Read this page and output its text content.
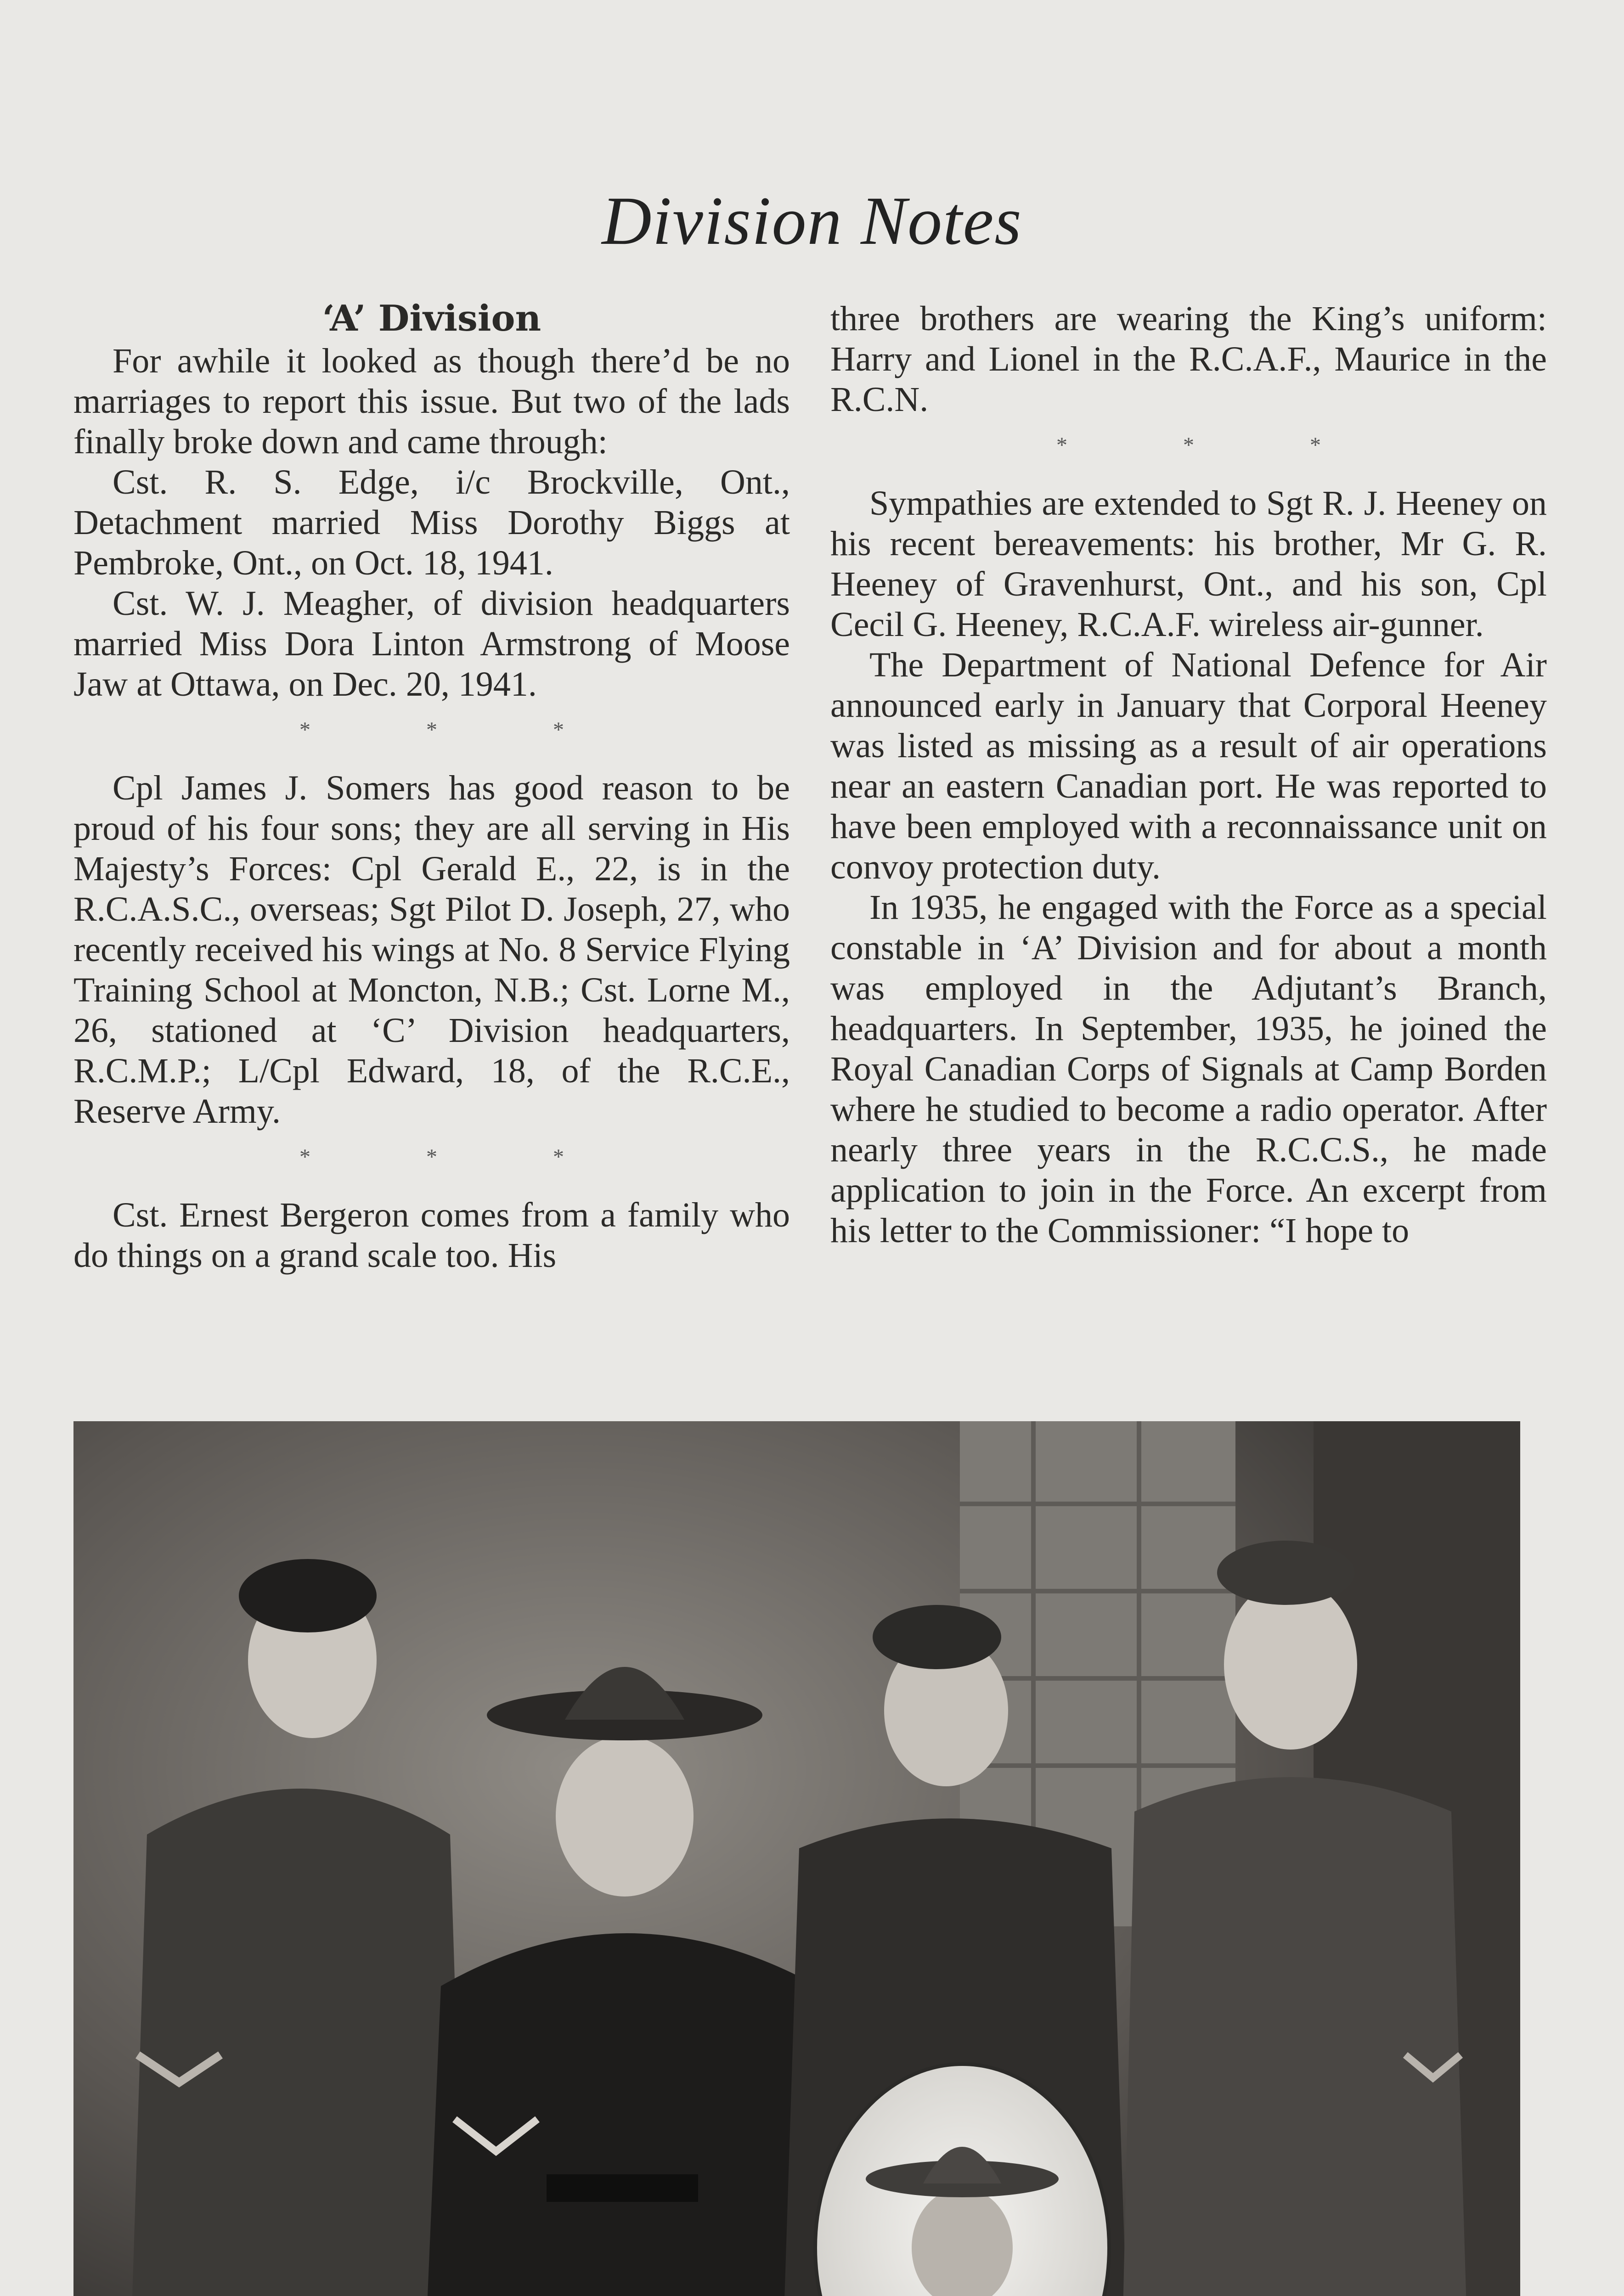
Division Notes
‘A’ Division

For awhile it looked as though there’d be no marriages to report this issue. But two of the lads finally broke down and came through:

Cst. R. S. Edge, i/c Brockville, Ont., Detachment married Miss Dorothy Biggs at Pembroke, Ont., on Oct. 18, 1941.

Cst. W. J. Meagher, of division headquarters married Miss Dora Linton Armstrong of Moose Jaw at Ottawa, on Dec. 20, 1941.

* * *

Cpl James J. Somers has good reason to be proud of his four sons; they are all serving in His Majesty’s Forces: Cpl Gerald E., 22, is in the R.C.A.S.C., overseas; Sgt Pilot D. Joseph, 27, who recently received his wings at No. 8 Service Flying Training School at Moncton, N.B.; Cst. Lorne M., 26, stationed at ‘C’ Division headquarters, R.C.M.P.; L/Cpl Edward, 18, of the R.C.E., Reserve Army.

* * *

Cst. Ernest Bergeron comes from a family who do things on a grand scale too. His

three brothers are wearing the King’s uniform: Harry and Lionel in the R.C.A.F., Maurice in the R.C.N.

* * *

Sympathies are extended to Sgt R. J. Heeney on his recent bereavements: his brother, Mr G. R. Heeney of Gravenhurst, Ont., and his son, Cpl Cecil G. Heeney, R.C.A.F. wireless air-gunner.

The Department of National Defence for Air announced early in January that Corporal Heeney was listed as missing as a result of air operations near an eastern Canadian port. He was reported to have been employed with a reconnaissance unit on convoy protection duty.

In 1935, he engaged with the Force as a special constable in ‘A’ Division and for about a month was employed in the Adjutant’s Branch, headquarters. In September, 1935, he joined the Royal Canadian Corps of Signals at Camp Borden where he studied to become a radio operator. After nearly three years in the R.C.C.S., he made application to join in the Force. An excerpt from his letter to the Commissioner: “I hope to
